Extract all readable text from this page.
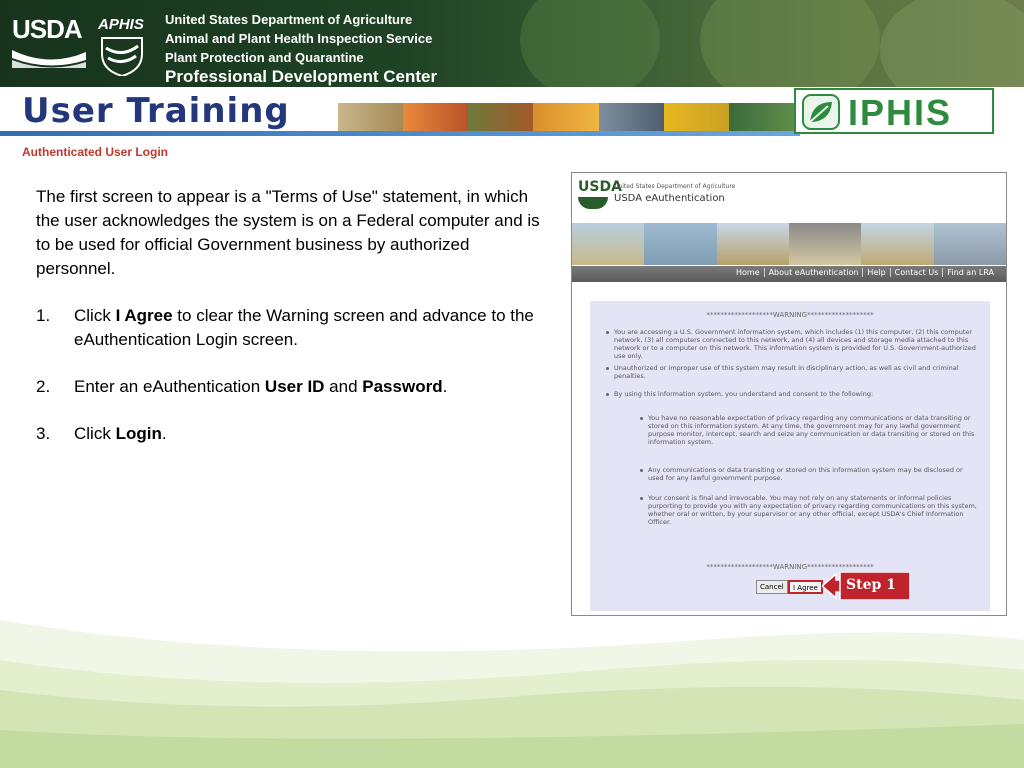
USDA APHIS United States Department of Agriculture
Animal and Plant Health Inspection Service
Plant Protection and Quarantine
Professional Development Center
User Training	IPHIS
Authenticated User Login

The first screen to appear is a "Terms of Use" statement, in which the user acknowledges the system is on a Federal computer and is to be used for official Government business by authorized personnel.

1. Click I Agree to clear the Warning screen and advance to the eAuthentication Login screen.
2. Enter an eAuthentication User ID and Password.
3. Click Login.
USDA
United States Department of Agriculture
USDA eAuthentication
Home About eAuthentication Help Contact Us Find an LRA
*******************WARNING*******************
You are accessing a U.S. Government information system, which includes (1) this computer, (2) this computer network, (3) all computers connected to this network, and (4) all devices and storage media attached to this network or to a computer on this network. This information system is provided for U.S. Government-authorized use only.
Unauthorized or improper use of this system may result in disciplinary action, as well as civil and criminal penalties.
By using this information system, you understand and consent to the following:
You have no reasonable expectation of privacy regarding any communications or data transiting or stored on this information system. At any time, the government may for any lawful government purpose monitor, intercept, search and seize any communication or data transiting or stored on this information system.
Any communications or data transiting or stored on this information system may be disclosed or used for any lawful government purpose.
Your consent is final and irrevocable. You may not rely on any statements or informal policies purporting to provide you with any expectation of privacy regarding communications on this system, whether oral or written, by your supervisor or any other official, except USDA's Chief Information Officer.
*******************WARNING*******************
Cancel	I Agree	Step 1
